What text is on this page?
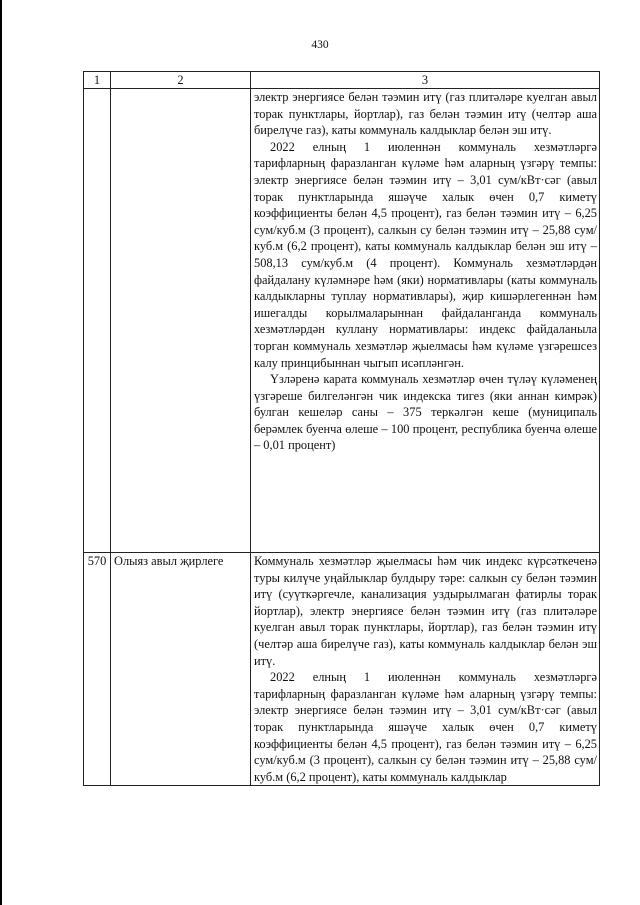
430
1	2	3

		электр энергиясе белән тәэмин итү (газ плитәләре куелган авыл торак пунктлары, йортлар), газ белән тәэмин итү (челтәр аша бирелүче газ), каты коммуналь калдыклар белән эш итү.

2022 елның 1 июленнән коммуналь хезмәтләргә тарифларның фаразланган күләме һәм аларның үзгәрү темпы: электр энергиясе белән тәэмин итү – 3,01 сум/кВт·сәг (авыл торак пунктларында яшәүче халык өчен 0,7 киметү коэффициенты белән 4,5 процент), газ белән тәэмин итү – 6,25 сум/куб.м (3 процент), салкын су белән тәэмин итү – 25,88 сум/куб.м (6,2 процент), каты коммуналь калдыклар белән эш итү – 508,13 сум/куб.м (4 процент). Коммуналь хезмәтләрдән файдалану күләмнәре һәм (яки) нормативлары (каты коммуналь калдыкларны туплау нормативлары), җир кишәрлегеннән һәм ишегалды корылмаларыннан файдаланганда коммуналь хезмәтләрдән куллану нормативлары: индекс файдаланыла торган коммуналь хезмәтләр җыелмасы һәм күләме үзгәрешсез калу принцибыннан чыгып исәпләнгән.

Үзләренә карата коммуналь хезмәтләр өчен түләү күләменең үзгәреше билгеләнгән чик индекска тигез (яки аннан кимрәк) булган кешеләр саны – 375 теркәлгән кеше (муниципаль берәмлек буенча өлеше – 100 процент, республика буенча өлеше – 0,01 процент)

570	Олыяз авыл җирлеге	Коммуналь хезмәтләр җыелмасы һәм чик индекс күрсәткеченә туры килүче уңайлыклар булдыру тәре: салкын су белән тәэмин итү (суүткәргечле, канализация уздырылмаган фатирлы торак йортлар), электр энергиясе белән тәэмин итү (газ плитәләре куелган авыл торак пунктлары, йортлар), газ белән тәэмин итү (челтәр аша бирелүче газ), каты коммуналь калдыклар белән эш итү.

2022 елның 1 июленнән коммуналь хезмәтләргә тарифларның фаразланган күләме һәм аларның үзгәрү темпы: электр энергиясе белән тәэмин итү – 3,01 сум/кВт·сәг (авыл торак пунктларында яшәүче халык өчен 0,7 киметү коэффициенты белән 4,5 процент), газ белән тәэмин итү – 6,25 сум/куб.м (3 процент), салкын су белән тәэмин итү – 25,88 сум/куб.м (6,2 процент), каты коммуналь калдыклар
